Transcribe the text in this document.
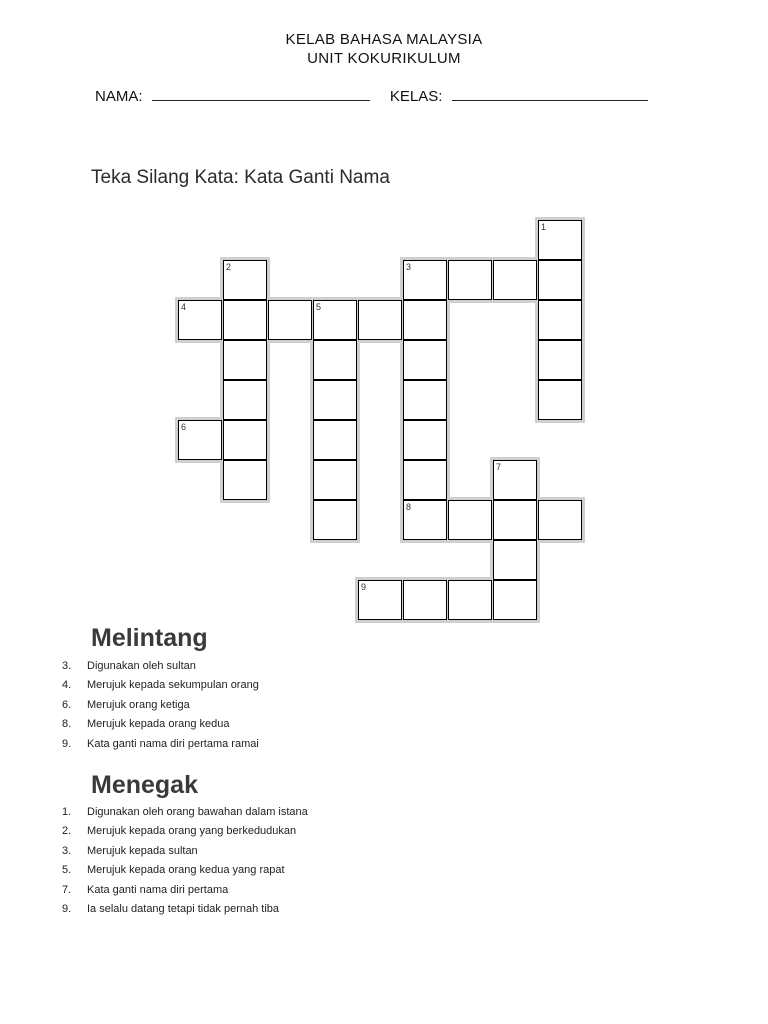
KELAB BAHASA MALAYSIA
UNIT KOKURIKULUM
NAMA:	KELAS:
Teka Silang Kata: Kata Ganti Nama
1
2	3
4	5
6
7
8
9
Melintang
3. Digunakan oleh sultan
4. Merujuk kepada sekumpulan orang
6. Merujuk orang ketiga
8. Merujuk kepada orang kedua
9. Kata ganti nama diri pertama ramai
Menegak
1. Digunakan oleh orang bawahan dalam istana
2. Merujuk kepada orang yang berkedudukan
3. Merujuk kepada sultan
5. Merujuk kepada orang kedua yang rapat
7. Kata ganti nama diri pertama
9. Ia selalu datang tetapi tidak pernah tiba
